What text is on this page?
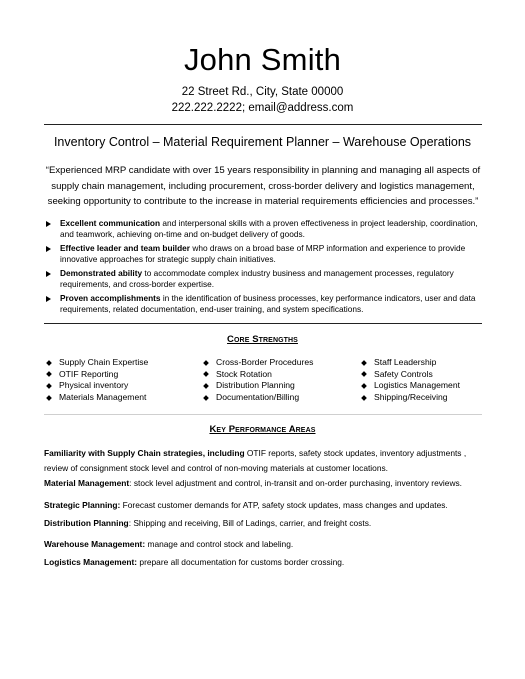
John Smith
22 Street Rd., City, State 00000
222.222.2222; email@address.com
Inventory Control – Material Requirement Planner – Warehouse Operations
“Experienced MRP candidate with over 15 years responsibility in planning and managing all aspects of supply chain management, including procurement, cross-border delivery and logistics management, seeking opportunity to contribute to the increase in material requirements efficiencies and processes.”
Excellent communication and interpersonal skills with a proven effectiveness in project leadership, coordination, and teamwork, achieving on-time and on-budget delivery of goods.
Effective leader and team builder who draws on a broad base of MRP information and experience to provide innovative approaches for strategic supply chain initiatives.
Demonstrated ability to accommodate complex industry business and management processes, regulatory requirements, and cross-border expertise.
Proven accomplishments in the identification of business processes, key performance indicators, user and data requirements, related documentation, end-user training, and system specifications.
Core Strengths
Supply Chain Expertise
OTIF Reporting
Physical inventory
Materials Management
Cross-Border Procedures
Stock Rotation
Distribution Planning
Documentation/Billing
Staff Leadership
Safety Controls
Logistics Management
Shipping/Receiving
Key Performance Areas
Familiarity with Supply Chain strategies, including OTIF reports, safety stock updates, inventory adjustments , review of consignment stock level and control of non-moving materials at customer locations.
Material Management: stock level adjustment and control, in-transit and on-order purchasing, inventory reviews.
Strategic Planning: Forecast customer demands for ATP, safety stock updates, mass changes and updates.
Distribution Planning: Shipping and receiving, Bill of Ladings, carrier, and freight costs.
Warehouse Management: manage and control stock and labeling.
Logistics Management: prepare all documentation for customs border crossing.
